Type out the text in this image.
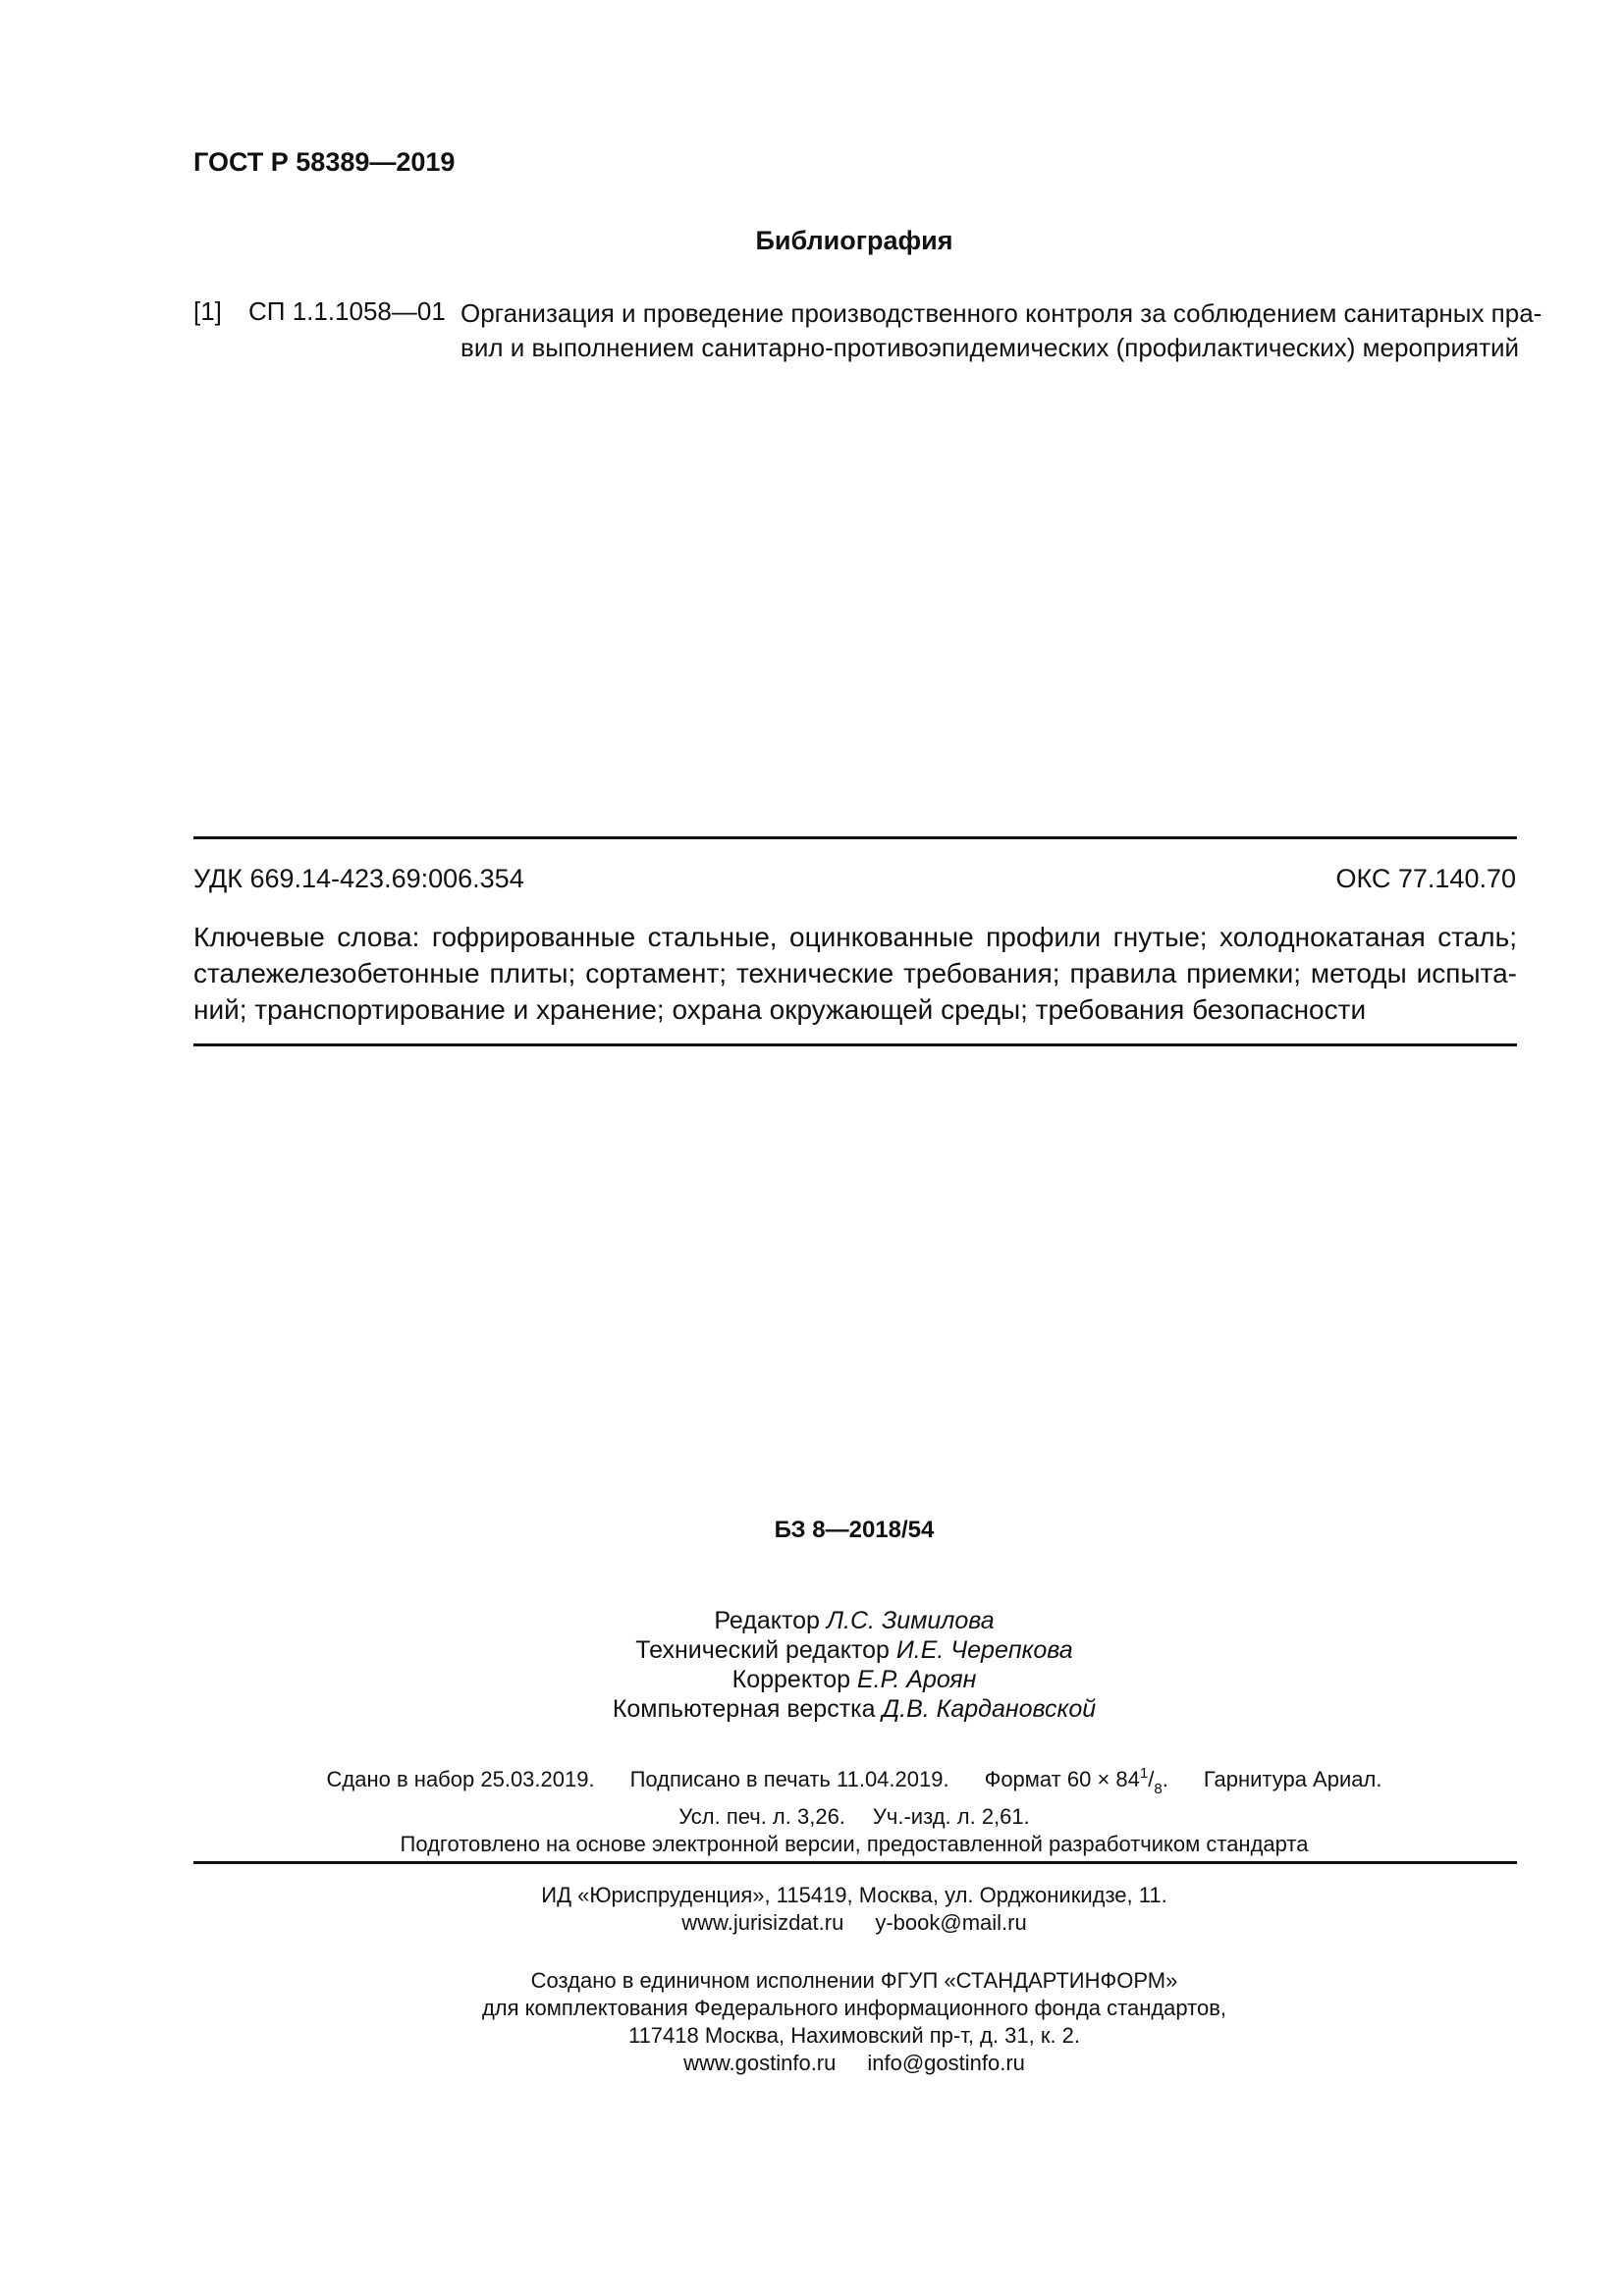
ГОСТ Р 58389—2019
Библиография
[1] СП 1.1.1058—01 Организация и проведение производственного контроля за соблюдением санитарных пра-
вил и выполнением санитарно-противоэпидемических (профилактических) мероприятий
УДК 669.14-423.69:006.354	ОКС 77.140.70
Ключевые слова: гофрированные стальные, оцинкованные профили гнутые; холоднокатаная сталь;
сталежелезобетонные плиты; сортамент; технические требования; правила приемки; методы испыта-
ний; транспортирование и хранение; охрана окружающей среды; требования безопасности
БЗ 8—2018/54
Редактор Л.С. Зимилова
Технический редактор И.Е. Черепкова
Корректор Е.Р. Ароян
Компьютерная верстка Д.В. Кардановской
Сдано в набор 25.03.2019. Подписано в печать 11.04.2019. Формат $60 \times 84^1/_8$. Гарнитура Ариал.
Усл. печ. л. 3,26. Уч.-изд. л. 2,61.
Подготовлено на основе электронной версии, предоставленной разработчиком стандарта
ИД «Юриспруденция», 115419, Москва, ул. Орджоникидзе, 11.
www.jurisizdat.ru y-book@mail.ru
Создано в единичном исполнении ФГУП «СТАНДАРТИНФОРМ»
для комплектования Федерального информационного фонда стандартов,
117418 Москва, Нахимовский пр-т, д. 31, к. 2.
www.gostinfo.ru info@gostinfo.ru
